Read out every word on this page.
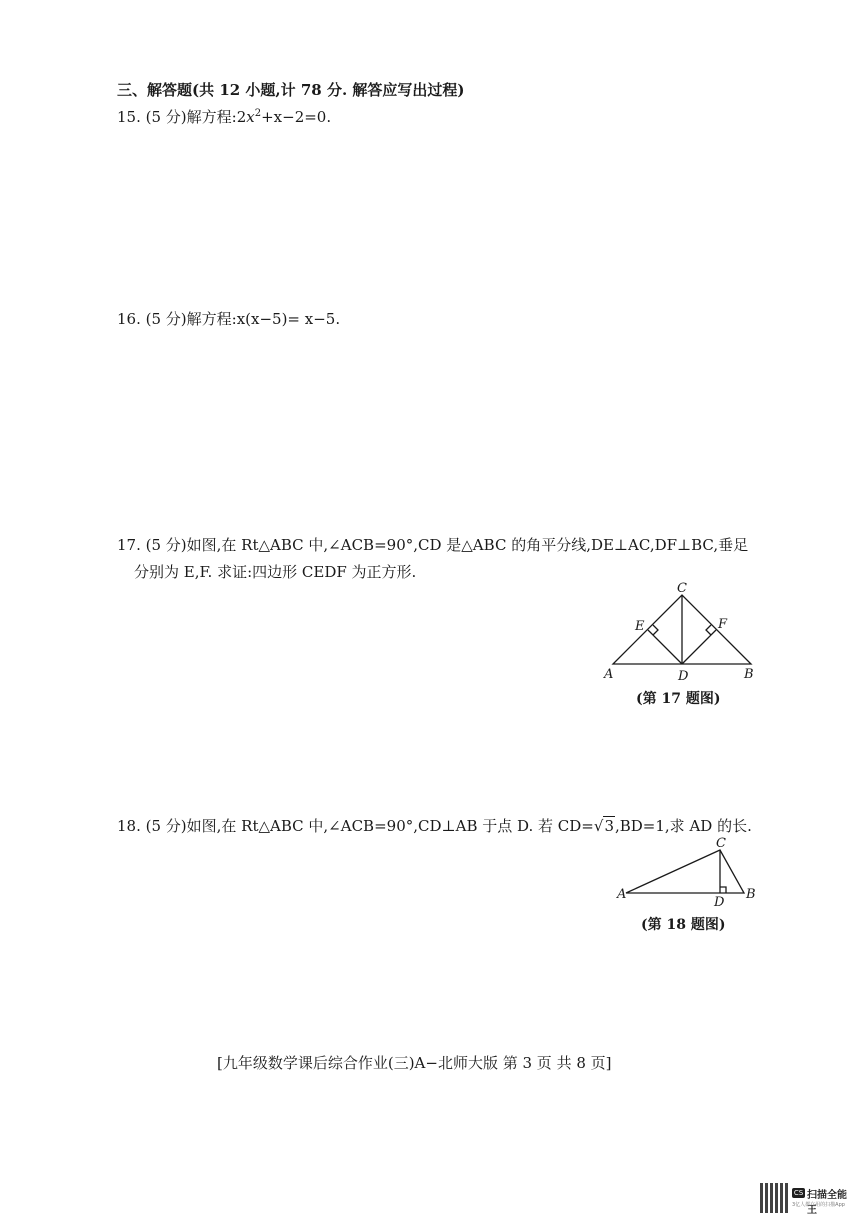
三、解答题(共 12 小题,计 78 分. 解答应写出过程)
15. (5 分)解方程$:2x^2+x-2=0$.
16. (5 分)解方程:x(x−5)= x−5.
17. (5 分)如图,在 Rt△ABC 中,∠ACB=90°,CD 是△ABC 的角平分线,DE⊥AC,DF⊥BC,垂足
分别为 E,F. 求证:四边形 CEDF 为正方形.
A	B
C
D
E	F
(第 17 题图)
18. (5 分)如图,在 Rt△ABC 中,∠ACB=90°,CD⊥AB 于点 D. 若 CD=√3,BD=1,求 AD 的长.
A	B
C
D
(第 18 题图)
[九年级数学课后综合作业(三)A−北师大版 第 3 页 共 8 页]
CS 扫描全能王
3亿人都在用的扫描App
